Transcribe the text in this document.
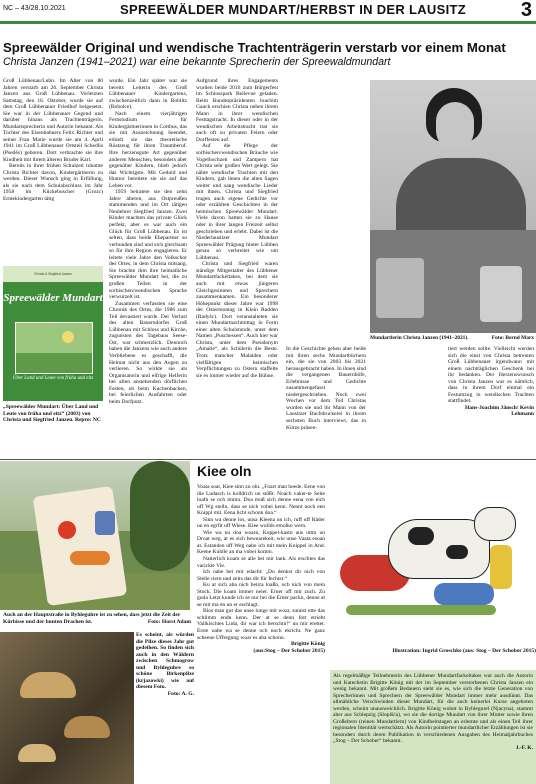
NC – 43/28.10.2021	SPREEWÄLDER MUNDART/HERBST IN DER LAUSITZ	3
Spreewälder Original und wendische Trachtenträgerin verstarb vor einem Monat
Christa Janzen (1941–2021) war eine bekannte Sprecherin der Spreewaldmundart

Groß Lübbenau/Lubn. Im Alter von 80 Jahren verstarb am 26. September Christa Janzen aus Groß Lübbenau. Vorletzten Samstag, den 16. Oktober, wurde sie auf dem Groß Lübbenauer Friedhof beigesetzt. Sie war in der Lübbenauer Gegend und darüber hinaus als Trachtenträgerin, Mundartsprecherin und Autorin bekannt. Als Tochter des Eisenbahners Felix Richter und seiner Frau Marie wurde sie am 4. April 1941 im Groß Lübbenauer Ortsteil Schedlis (Pseděs) geboren. Dort verbrachte sie ihre Kindheit mit ihrem älteren Bruder Karl.

Bereits in ihrer frühen Schulzeit träumte Christa Richter davon, Kindergärtnerin zu werden. Dieser Wunsch ging in Erfüllung, als sie nach dem Schulabschluss im Jahr 1958 im Kückebuscher (Grozc) Erntekindergarten tätig

Christa & Siegfried Janzen
Spreewälder Mundart
Über Land und Leute von früha und eitz
„Spreewälder Mundart: Über Land und Leute von früha und eitz“ (2003) von Christa und Siegfried Janzen. Repro: NC

wurde. Ein Jahr später war sie bereits Leiterin des Groß Lübbenauer Kindergartens, zwischenzeitlich dann in Boblitz (Bobolce).

Nach einem vierjährigen Fernstudium für Kindergärtnerinnen in Cottbus, das sie mit Auszeichnung beendet, erhielt sie das theoretische Rüstzeug für ihren Traumberuf. Ihre herzensgute Art gegenüber anderen Menschen, besonders aber gegenüber Kindern, blieb jedoch das Wichtigste. Mit Geduld und Humor bereitete sie sie auf das Leben vor.

1959 heiratete sie den zehn Jahre älteren, aus Ostpreußen stammenden und im Ort tätigen Neulehrer Siegfried Janzen. Zwei Kinder machten das private Glück perfekt, aber es war auch ein Glück für Groß Lübbenau. Es ist selten, dass beide Ehepartner so verbunden sind und sich gleichsam so für ihre Region engagieren. Er leitete viele Jahre den Volkschor des Ortes, in dem Christa mitsang. Sie brachte ihm ihre heimatliche Spreewälder Mundart bei, die zu großen Teilen in der sorbischen/wendischen Sprache verwurzelt ist.

Zusammen verfassten sie eine Chronik des Ortes, die 1986 zum Teil devastiert wurde. Der Verlust des alten Bauerndorfes Groß Lübbenau mit Schloss und Kirche, zugunsten des Tagebaus Seese-Ost, war schmerzlich. Dennoch haben die Janzens wie auch andere Verbliebene es geschafft, die Heimat nicht aus den Augen zu verlieren. So wirkte sie als Organisatorin und eifrige Helferin bei allen anstehenden dörflichen Festen, ob beim Kuchenbacken, bei feierlichen Ausfahrten oder beim Dorfputz.

Aufgrund ihres Engagements wurden beide 2016 zum Bürgerfest im Schlosspark Bellevue geladen. Beim Bundespräsidenten Joachim Gauck erschien Christa neben ihrem Mann in ihrer wendischen Festtagstracht. In dieser oder in der wendischen Arbeitstracht trat sie auch oft zu privaten Feiern oder Dorffesten auf.

Auf die Pflege der sorbischen/wendischen Bräuche wie Vogelhochzeit und Zampern hat Christa sehr großen Wert gelegt. Sie nähte wendische Trachten mit den Kindern, gab ihnen die alten Sagen weiter und sang wendische Lieder mit ihnen. Christa und Siegfried trugen auch eigene Gedichte vor oder erzählten Geschichten in der heimischen Spreewälder Mundart. Viele davon hatten sie zu Hause oder in ihrer langen Freizeit selbst geschrieben und erlebt. Dabei ist die Niederlausitzer Mundart Spreewälder Prägung hinter Lübben genau so verbreitet wie um Lübbenau.

Christa und Siegfried waren ständige Mitgestalter des Lübbener Mundartfackeltakes, bei dem sie auch mit etwas jüngeren Gleichgesinnten und Sprechern zusammenkamen. Ein besonderer Höhepunkt dieser Jahre war 1998 der Ostermontag in Klein Radden (Radyšc). Dort veranstalteten sie einen Mundartnachmittag in Form einer alten Schulstunde, unter dem Namen „Puschessen“. Auch hier war Christa, unter dem Pseudonym „Amalie“, als Schülerin die Beste. Trotz mancher Malaiden oder vielfältigen heimischen Verpflichtungen zu Ostern staffelte sie es immer wieder auf die Bühne.

Mundartlerin Christa Janzen (1941–2021).	Foto: Bernd Marx

In die Geschichte gehen aber beide mit ihren sechs Mundartbüchern ein, die sie von 2003 bis 2021 herausgebracht haben. In ihnen sind die vergangenen Bauernhöfe, Erlebnisse und Gedichte zusammengefasst niedergeschrieben. Noch zwei Wochen vor dem Tod Christas wurden sie und ihr Mann von der Lausitzer Buchdruckerei in ihrem sechsten Buch interviewt, das in Kürze präsen-

tiert werden sollte. Vielleicht werden sich die einst von Christa betreuten Groß Lübbenauer irgendwann mit einem nachträglichen Geschenk bei ihr bedanken. Der Herzenswunsch von Christa Janzen war es nämlich, dass in ihrem Dorf einmal ein Festumzug in wendischen Trachten stattfindet.

Hans-Joachim Jänsch/ Kevin Lehmann

Auch an der Hauptstraße in Byhleguhre ist zu sehen, dass jetzt die Zeit der Kürbisse und der bunten Drachen ist.	Foto: Horst Adam
Es scheint, als würden die Pilze dieses Jahr gut gedeihen. So finden sich auch in den Wäldern zwischen Schmogrow und Byhleguhre so schöne Birkenpilze (krjazowki) wie auf diesem Foto.
Foto: A. G.
Kiee oln

Voata soat, Kiee sinn zu oln. „Foart man beede. Eene von die Ludasch is kolldrich un stößt. Noach vaker-te Seite loafn se och immu. Doa muß sich denne eena von eich uff Wg stelln, dass se nich vobei kenn. Nennt noch een Knippl mit. Eena licht schonn doa.“

Sinn wa denne los, unsa Kleena un ich, ruff uff Räder un en egrfit uff Wiese. Kiee wullds emolkn wern.

Wie wa nu doa woarn, Koppel-kastn aus uttm un Droat weg, at es sich bewearekeit, wie unse Vaata esoan at. Estanden uff Weg oabe ich mit mein Knippel in And. Keene Kuhlle an ma vobei komm.

Natierlich koam se alle bei mir lank. Als erschtes das varickte Vie.

Ich oabe bei mir edacht: „Du denkst dir nich von Stelle riern und zeits das dir für fechtst.“

Ku at sich aba nich beirra loaßn, och nich von mein Stock. Die koam immer neier. Erner uff mir zuch. Zu guda Letzt kunde ich se nur bei die Erner packn, denne at se mit ma en un er eschlagt.

Blos man gut das unse lunge mit woar, sunnst ette das schlimm endn kenn. Der at se denn fott etriebt Vallkischtes Luda, dir war ich berschtn!“ un mir erettet. Erste oabe wa se denne och noch ekricht. Ne ganz scheene Uffregung woar es aba schonn.

Brigitte König

(aus:Stog – Der Schober 2015)	Illustration: Ingrid Groschke (aus: Stog – Der Schober 2015)

Als regelmäßige Teilnehmerin des Lübbener Mundartfackeltakes war auch die Autorin und Katechetin Brigitte König mit der im September verstorbenen Christa Janzen ein wenig bekannt. Mit großem Bedauern sieht sie es, wie sich die letzte Generation von Sprecherinnen und Sprechern der Spreewälder Mundart immer mehr ausdünnt. Das allmähliche Verschwinden dieser Mundart, für die auch keinerlei Kurse angeboten werden, scheint unausweichlich. Brigitte König wohnt in Byhlegurel (Njacyna), stammt aber aus Schlepzig (Slopišća), wo sie die dortige Mundart von ihrer Mutter sowie ihren Großeltern (reinen Mundartlern) von Kindheitstagen an erlernte und als einen Teil ihrer regionalen Identität wertschätzt. Als Autorin pointierter mundartlicher Erzählungen ist sie besonders durch deren Publikation in verschiedenen Ausgaben des Heimatjahrbuches „Stog – Der Schober“ bekannt.

J.-F. K.
